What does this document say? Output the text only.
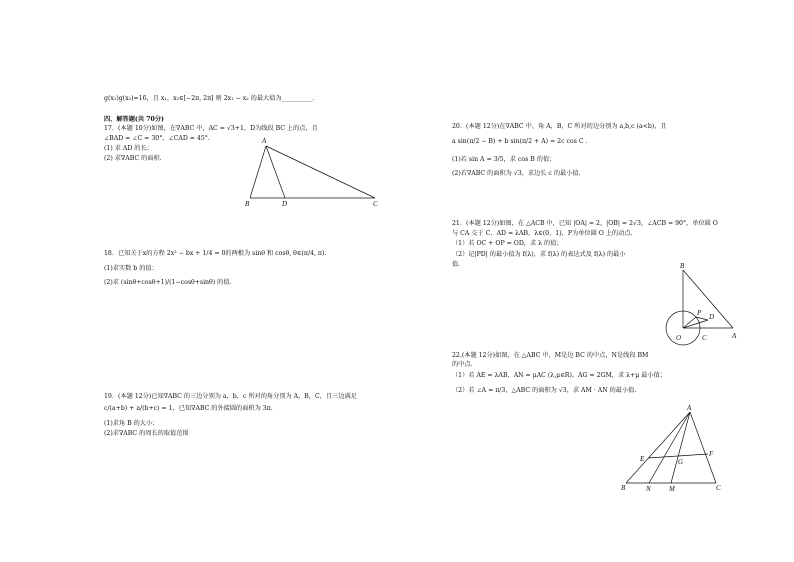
g(x₁)g(x₂)=16，且 x₁，x₂∈[−2π, 2π] 则 2x₁ − x₂ 的最大值为__________.
四、解答题(共 70分)
17．(本题 10分)如图，在∇ABC 中，AC = √3+1，D为线段 BC 上的点，且
∠BAD = ∠C = 30°，∠CAD = 45°.
(1) 求 AD 的长；
(2) 求∇ABC 的面积.
A
B	D	C
18．已知关于x的方程 2x² − bx + 1/4 = 0的两根为 sinθ 和 cosθ, θ∈(π/4, π).
(1)求实数 b 的值；
(2)求 (sinθ+cosθ+1)/(1−cosθ+sinθ) 的值.
19．(本题 12分)已知∇ABC 的三边分别为 a，b，c 所对的角分别为 A，B，C，且三边满足
c/(a+b) + a/(b+c) = 1，已知∇ABC 的外接圆的面积为 3π.
(1)求角 B 的大小；
(2)求∇ABC 的周长的取值范围
20．(本题 12分)在∇ABC 中，角 A，B，C 所对的边分别为 a,b,c (a<b)，且
a sin(π/2 − B) + b sin(π/2 + A) = 2c cos C .
(1)若 sin A = 3/5，求 cos B 的值；
(2)若∇ABC 的面积为 √3，求边长 c 的最小值.
21．(本题 12分)如图，在 △ACB 中，已知 |OA| = 2，|OB| = 2√3，∠ACB = 90°，单位圆 O
与 CA 交于 C，AD = λAB，λ∈(0，1)，P为单位圆 O 上的动点.
（1）若 OC + OP = OD，求 λ 的值；
（2）记|PD| 的最小值为 f(λ)，求 f(λ) 的表达式及 f(λ) 的最小
值.	B
P D
O	C	A
22.(本题 12分)如图，在 △ABC 中，M是边 BC 的中点，N是线段 BM
的中点.
（1）若 AE = λAB，AN = μAC (λ,μ∈R)，AG = 2GM，求 λ+μ 最小值；
（2）若 ∠A = π/3，△ABC 的面积为 √3，求 AM · AN 的最小值.
A
E	G
F
B	N	M	C
